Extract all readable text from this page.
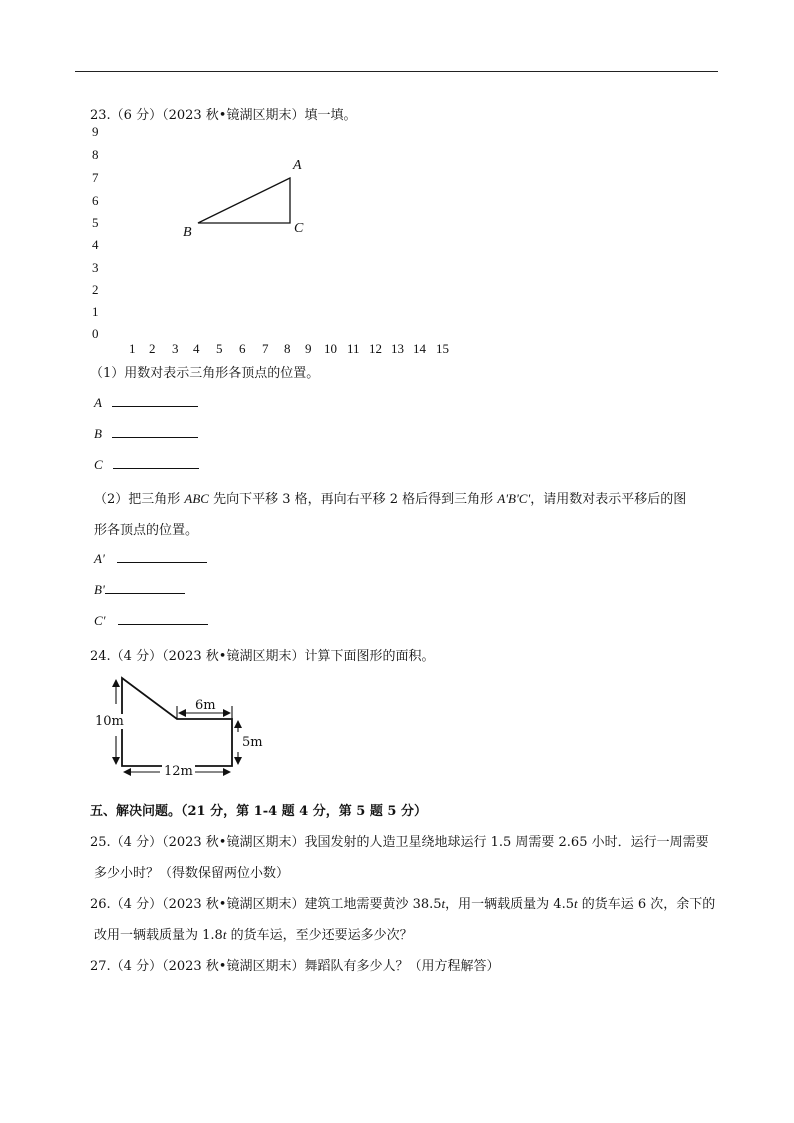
23.（6 分）（2023 秋•镜湖区期末）填一填。
9
8
7
6
5
4
3
2
1
0
1 2 3 4 5 6 7 8 9 10 11 12 13 14 15
A
B	C
（1）用数对表示三角形各顶点的位置。
A
B
C
（2）把三角形 ABC 先向下平移 3 格，再向右平移 2 格后得到三角形 A'B'C'，请用数对表示平移后的图
形各顶点的位置。
A′
B'
C′
24.（4 分）（2023 秋•镜湖区期末）计算下面图形的面积。
10m
6m
5m
12m
五、解决问题。（21 分，第 1-4 题 4 分，第 5 题 5 分）
25.（4 分）（2023 秋•镜湖区期末）我国发射的人造卫星绕地球运行 1.5 周需要 2.65 小时．运行一周需要
多少小时？（得数保留两位小数）
26.（4 分）（2023 秋•镜湖区期末）建筑工地需要黄沙 38.5t，用一辆载质量为 4.5t 的货车运 6 次，余下的
改用一辆载质量为 1.8t 的货车运，至少还要运多少次？
27.（4 分）（2023 秋•镜湖区期末）舞蹈队有多少人？（用方程解答）
